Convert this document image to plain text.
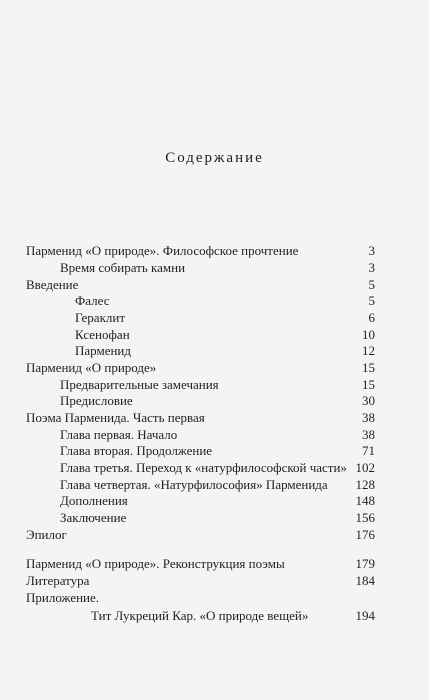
Содержание
Парменид «О природе». Философское прочтение	3
Время собирать камни	3
Введение	5
Фалес	5
Гераклит	6
Ксенофан	10
Парменид	12
Парменид «О природе»	15
Предварительные замечания	15
Предисловие	30
Поэма Парменида. Часть первая	38
Глава первая. Начало	38
Глава вторая. Продолжение	71
Глава третья. Переход к «натурфилософской части» 102
Глава четвертая. «Натурфилософия» Парменида 128
Дополнения	148
Заключение	156
Эпилог	176
Парменид «О природе». Реконструкция поэмы	179
Литература	184
Приложение.
Тит Лукреций Кар. «О природе вещей»	194
